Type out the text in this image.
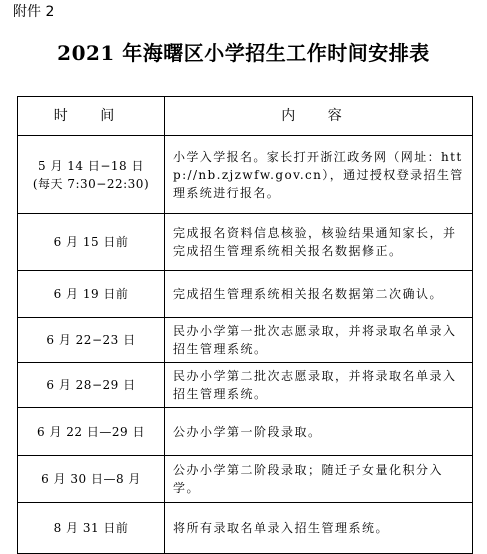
附件 2
2021 年海曙区小学招生工作时间安排表
时 间	内 容

5 月 14 日−18 日
(每天 7:30−22:30)	小学入学报名。家长打开浙江政务网（网址：http://nb.zjzwfw.gov.cn），通过授权登录招生管理系统进行报名。

6 月 15 日前	完成报名资料信息核验，核验结果通知家长，并完成招生管理系统相关报名数据修正。

6 月 19 日前	完成招生管理系统相关报名数据第二次确认。

6 月 22−23 日	民办小学第一批次志愿录取，并将录取名单录入招生管理系统。

6 月 28−29 日	民办小学第二批次志愿录取，并将录取名单录入招生管理系统。

6 月 22 日—29 日	公办小学第一阶段录取。

6 月 30 日—8 月	公办小学第二阶段录取；随迁子女量化积分入学。

8 月 31 日前	将所有录取名单录入招生管理系统。
